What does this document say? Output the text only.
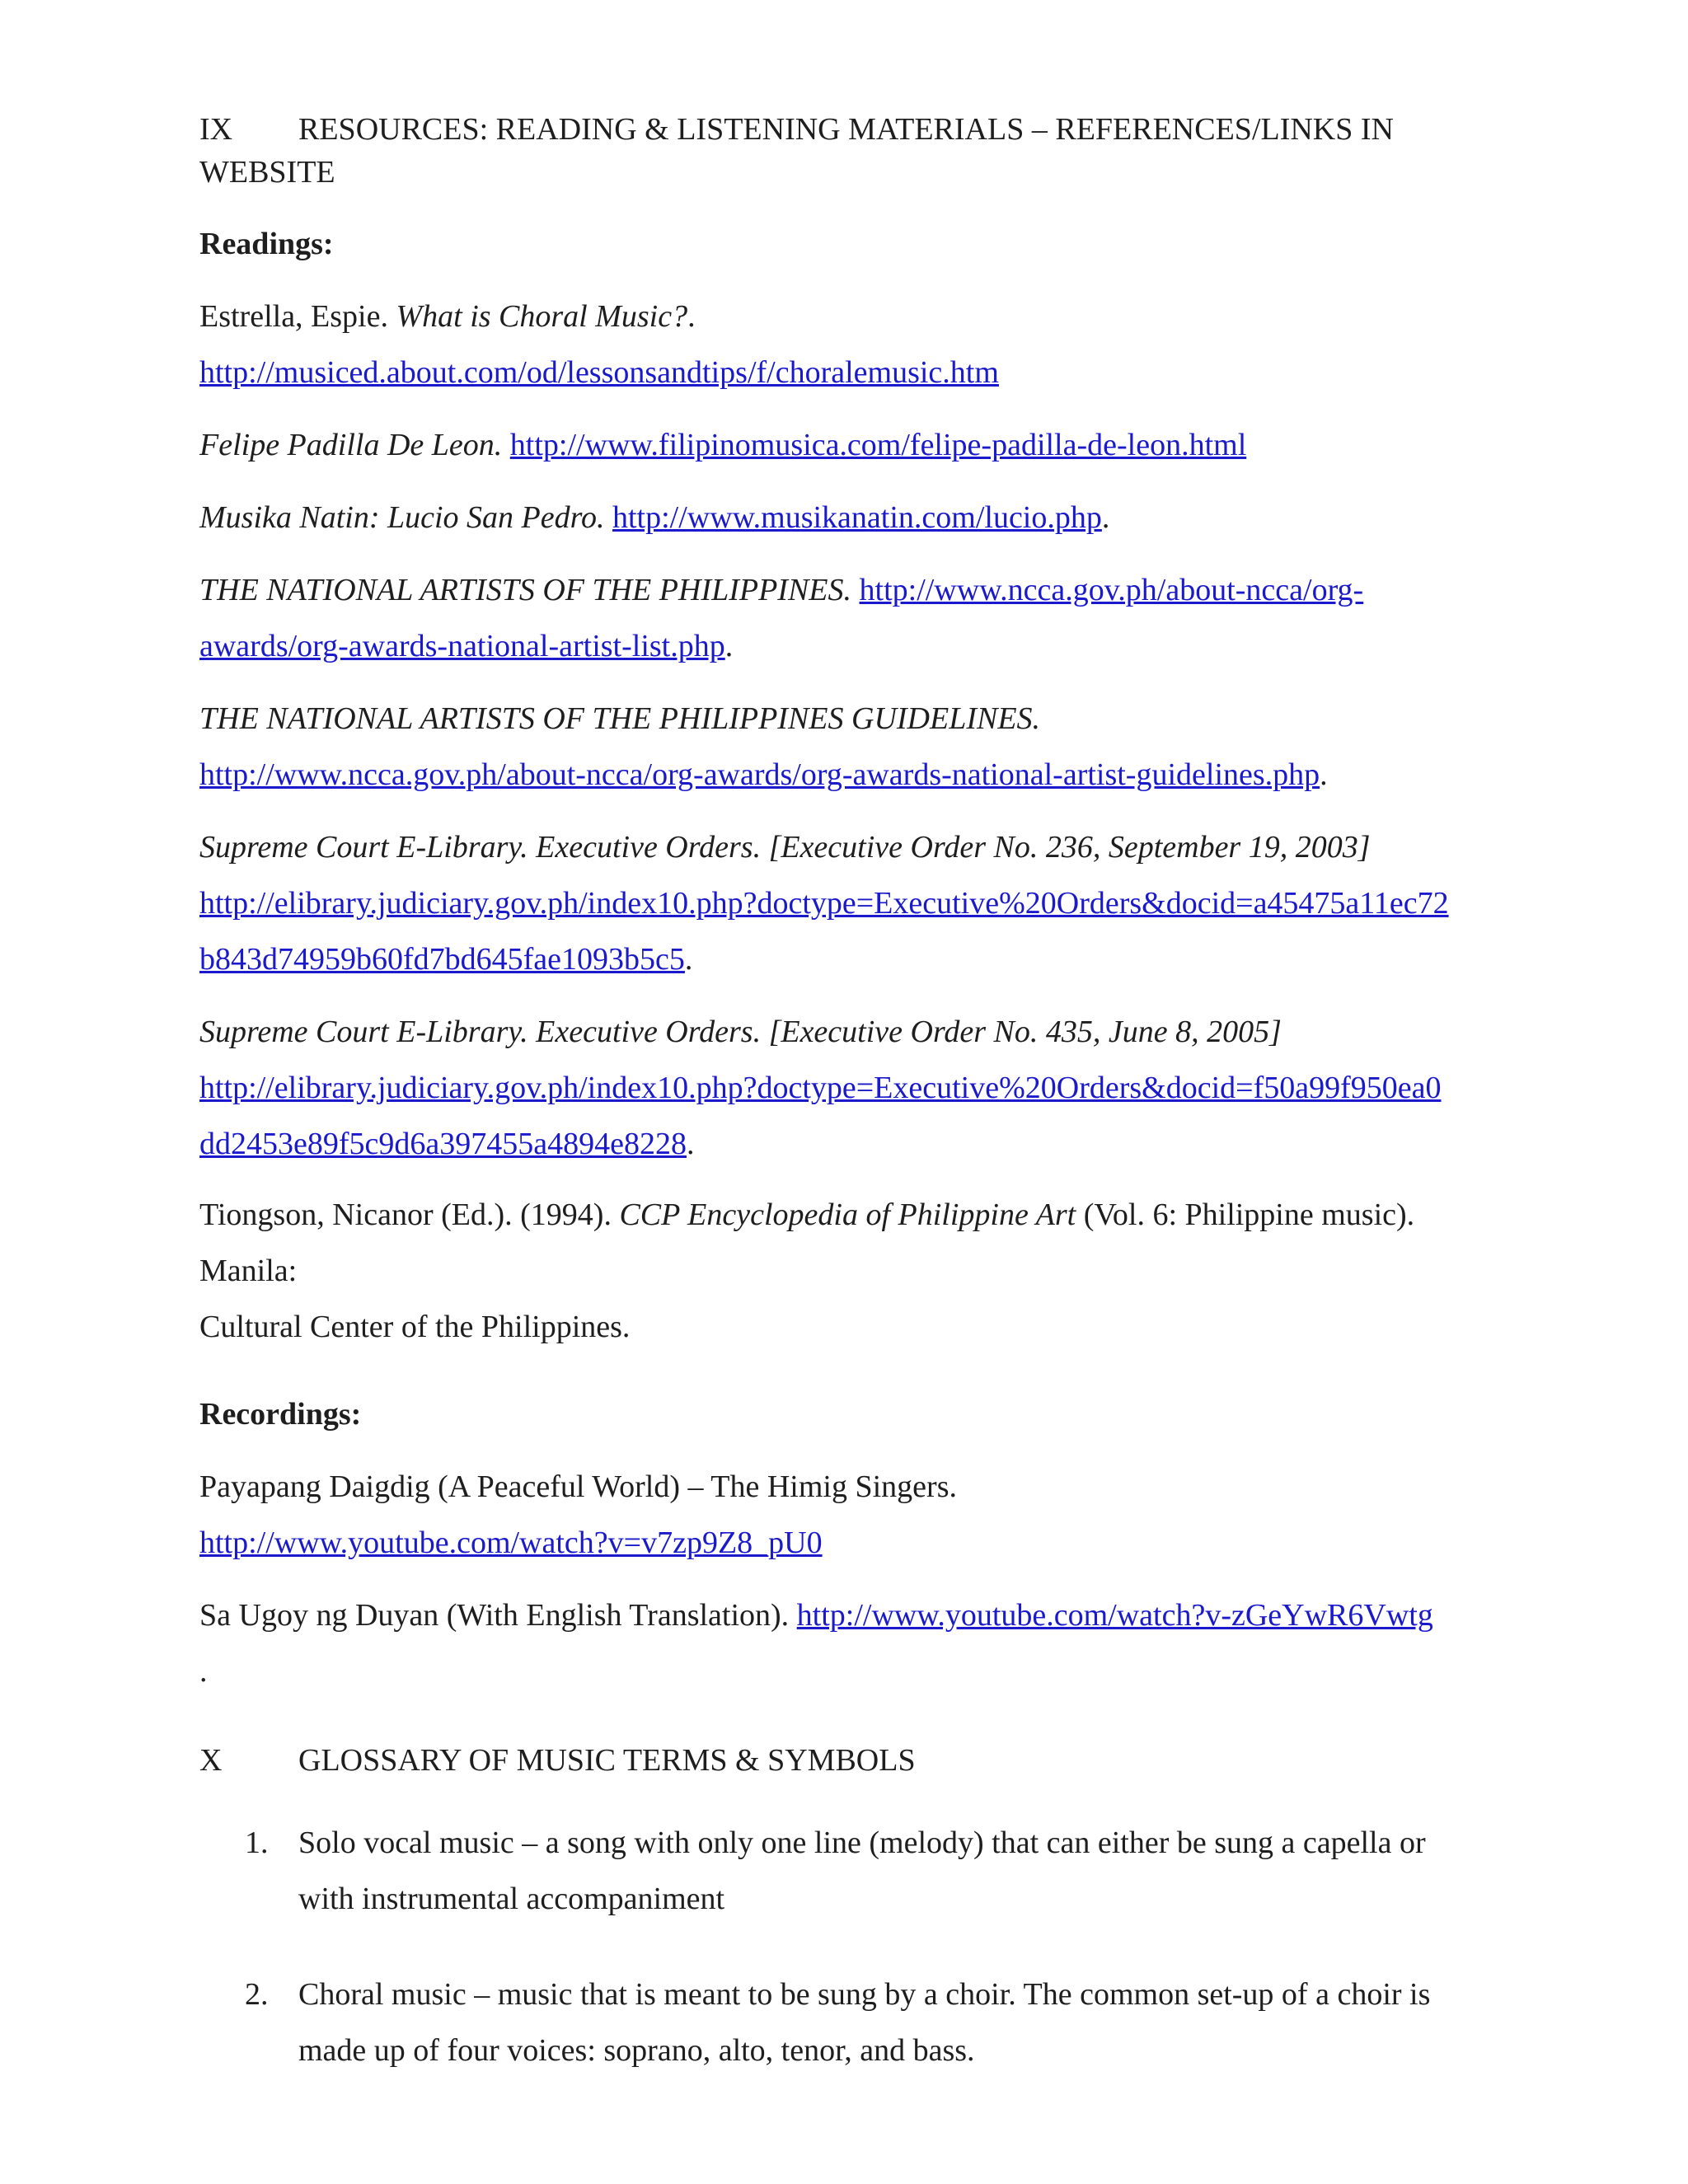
IX RESOURCES: READING & LISTENING MATERIALS – REFERENCES/LINKS IN WEBSITE
Readings:
Estrella, Espie. What is Choral Music?.
http://musiced.about.com/od/lessonsandtips/f/choralemusic.htm
Felipe Padilla De Leon. http://www.filipinomusica.com/felipe-padilla-de-leon.html
Musika Natin: Lucio San Pedro. http://www.musikanatin.com/lucio.php.
THE NATIONAL ARTISTS OF THE PHILIPPINES. http://www.ncca.gov.ph/about-ncca/org-
awards/org-awards-national-artist-list.php.
THE NATIONAL ARTISTS OF THE PHILIPPINES GUIDELINES.
http://www.ncca.gov.ph/about-ncca/org-awards/org-awards-national-artist-guidelines.php.
Supreme Court E-Library. Executive Orders. [Executive Order No. 236, September 19, 2003]
http://elibrary.judiciary.gov.ph/index10.php?doctype=Executive%20Orders&docid=a45475a11ec72
b843d74959b60fd7bd645fae1093b5c5.
Supreme Court E-Library. Executive Orders. [Executive Order No. 435, June 8, 2005]
http://elibrary.judiciary.gov.ph/index10.php?doctype=Executive%20Orders&docid=f50a99f950ea0
dd2453e89f5c9d6a397455a4894e8228.
Tiongson, Nicanor (Ed.). (1994). CCP Encyclopedia of Philippine Art (Vol. 6: Philippine music). Manila:
Cultural Center of the Philippines.
Recordings:
Payapang Daigdig (A Peaceful World) – The Himig Singers.
http://www.youtube.com/watch?v=v7zp9Z8_pU0
Sa Ugoy ng Duyan (With English Translation). http://www.youtube.com/watch?v-zGeYwR6Vwtg
.
X GLOSSARY OF MUSIC TERMS & SYMBOLS
1. Solo vocal music – a song with only one line (melody) that can either be sung a capella or
with instrumental accompaniment
2. Choral music – music that is meant to be sung by a choir. The common set-up of a choir is
made up of four voices: soprano, alto, tenor, and bass.
